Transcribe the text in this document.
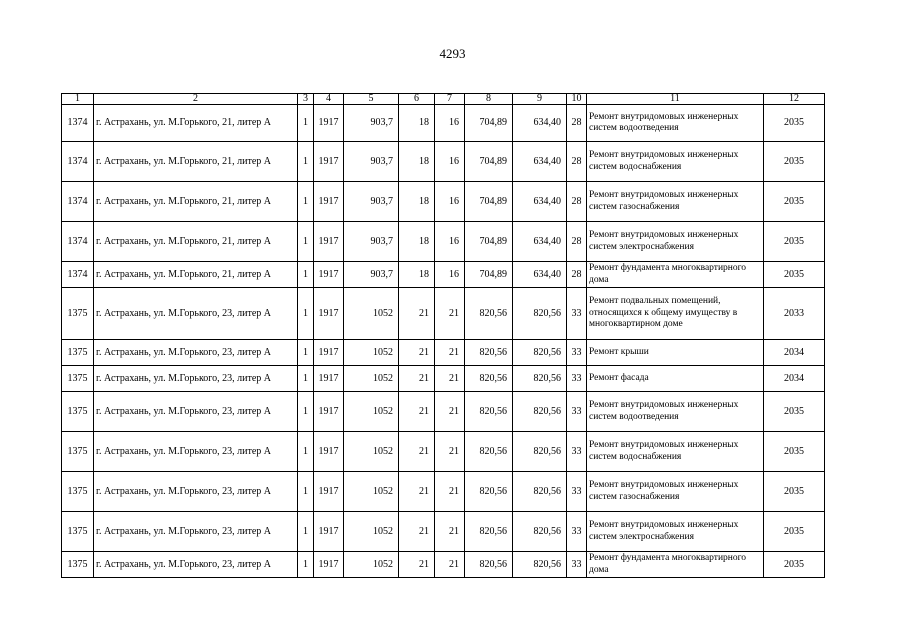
4293
1	2	3	4	5	6	7	8	9	10	11	12
1374	г. Астрахань, ул. М.Горького, 21, литер А	1	1917	903,7	18	16	704,89	634,40	28	Ремонт внутридомовых инженерных систем водоотведения	2035
1374	г. Астрахань, ул. М.Горького, 21, литер А	1	1917	903,7	18	16	704,89	634,40	28	Ремонт внутридомовых инженерных систем водоснабжения	2035
1374	г. Астрахань, ул. М.Горького, 21, литер А	1	1917	903,7	18	16	704,89	634,40	28	Ремонт внутридомовых инженерных систем газоснабжения	2035
1374	г. Астрахань, ул. М.Горького, 21, литер А	1	1917	903,7	18	16	704,89	634,40	28	Ремонт внутридомовых инженерных систем электроснабжения	2035
1374	г. Астрахань, ул. М.Горького, 21, литер А	1	1917	903,7	18	16	704,89	634,40	28	Ремонт фундамента многоквартирного дома	2035
1375	г. Астрахань, ул. М.Горького, 23, литер А	1	1917	1052	21	21	820,56	820,56	33	Ремонт подвальных помещений, относящихся к общему имуществу в многоквартирном доме	2033
1375	г. Астрахань, ул. М.Горького, 23, литер А	1	1917	1052	21	21	820,56	820,56	33	Ремонт крыши	2034
1375	г. Астрахань, ул. М.Горького, 23, литер А	1	1917	1052	21	21	820,56	820,56	33	Ремонт фасада	2034
1375	г. Астрахань, ул. М.Горького, 23, литер А	1	1917	1052	21	21	820,56	820,56	33	Ремонт внутридомовых инженерных систем водоотведения	2035
1375	г. Астрахань, ул. М.Горького, 23, литер А	1	1917	1052	21	21	820,56	820,56	33	Ремонт внутридомовых инженерных систем водоснабжения	2035
1375	г. Астрахань, ул. М.Горького, 23, литер А	1	1917	1052	21	21	820,56	820,56	33	Ремонт внутридомовых инженерных систем газоснабжения	2035
1375	г. Астрахань, ул. М.Горького, 23, литер А	1	1917	1052	21	21	820,56	820,56	33	Ремонт внутридомовых инженерных систем электроснабжения	2035
1375	г. Астрахань, ул. М.Горького, 23, литер А	1	1917	1052	21	21	820,56	820,56	33	Ремонт фундамента многоквартирного дома	2035
